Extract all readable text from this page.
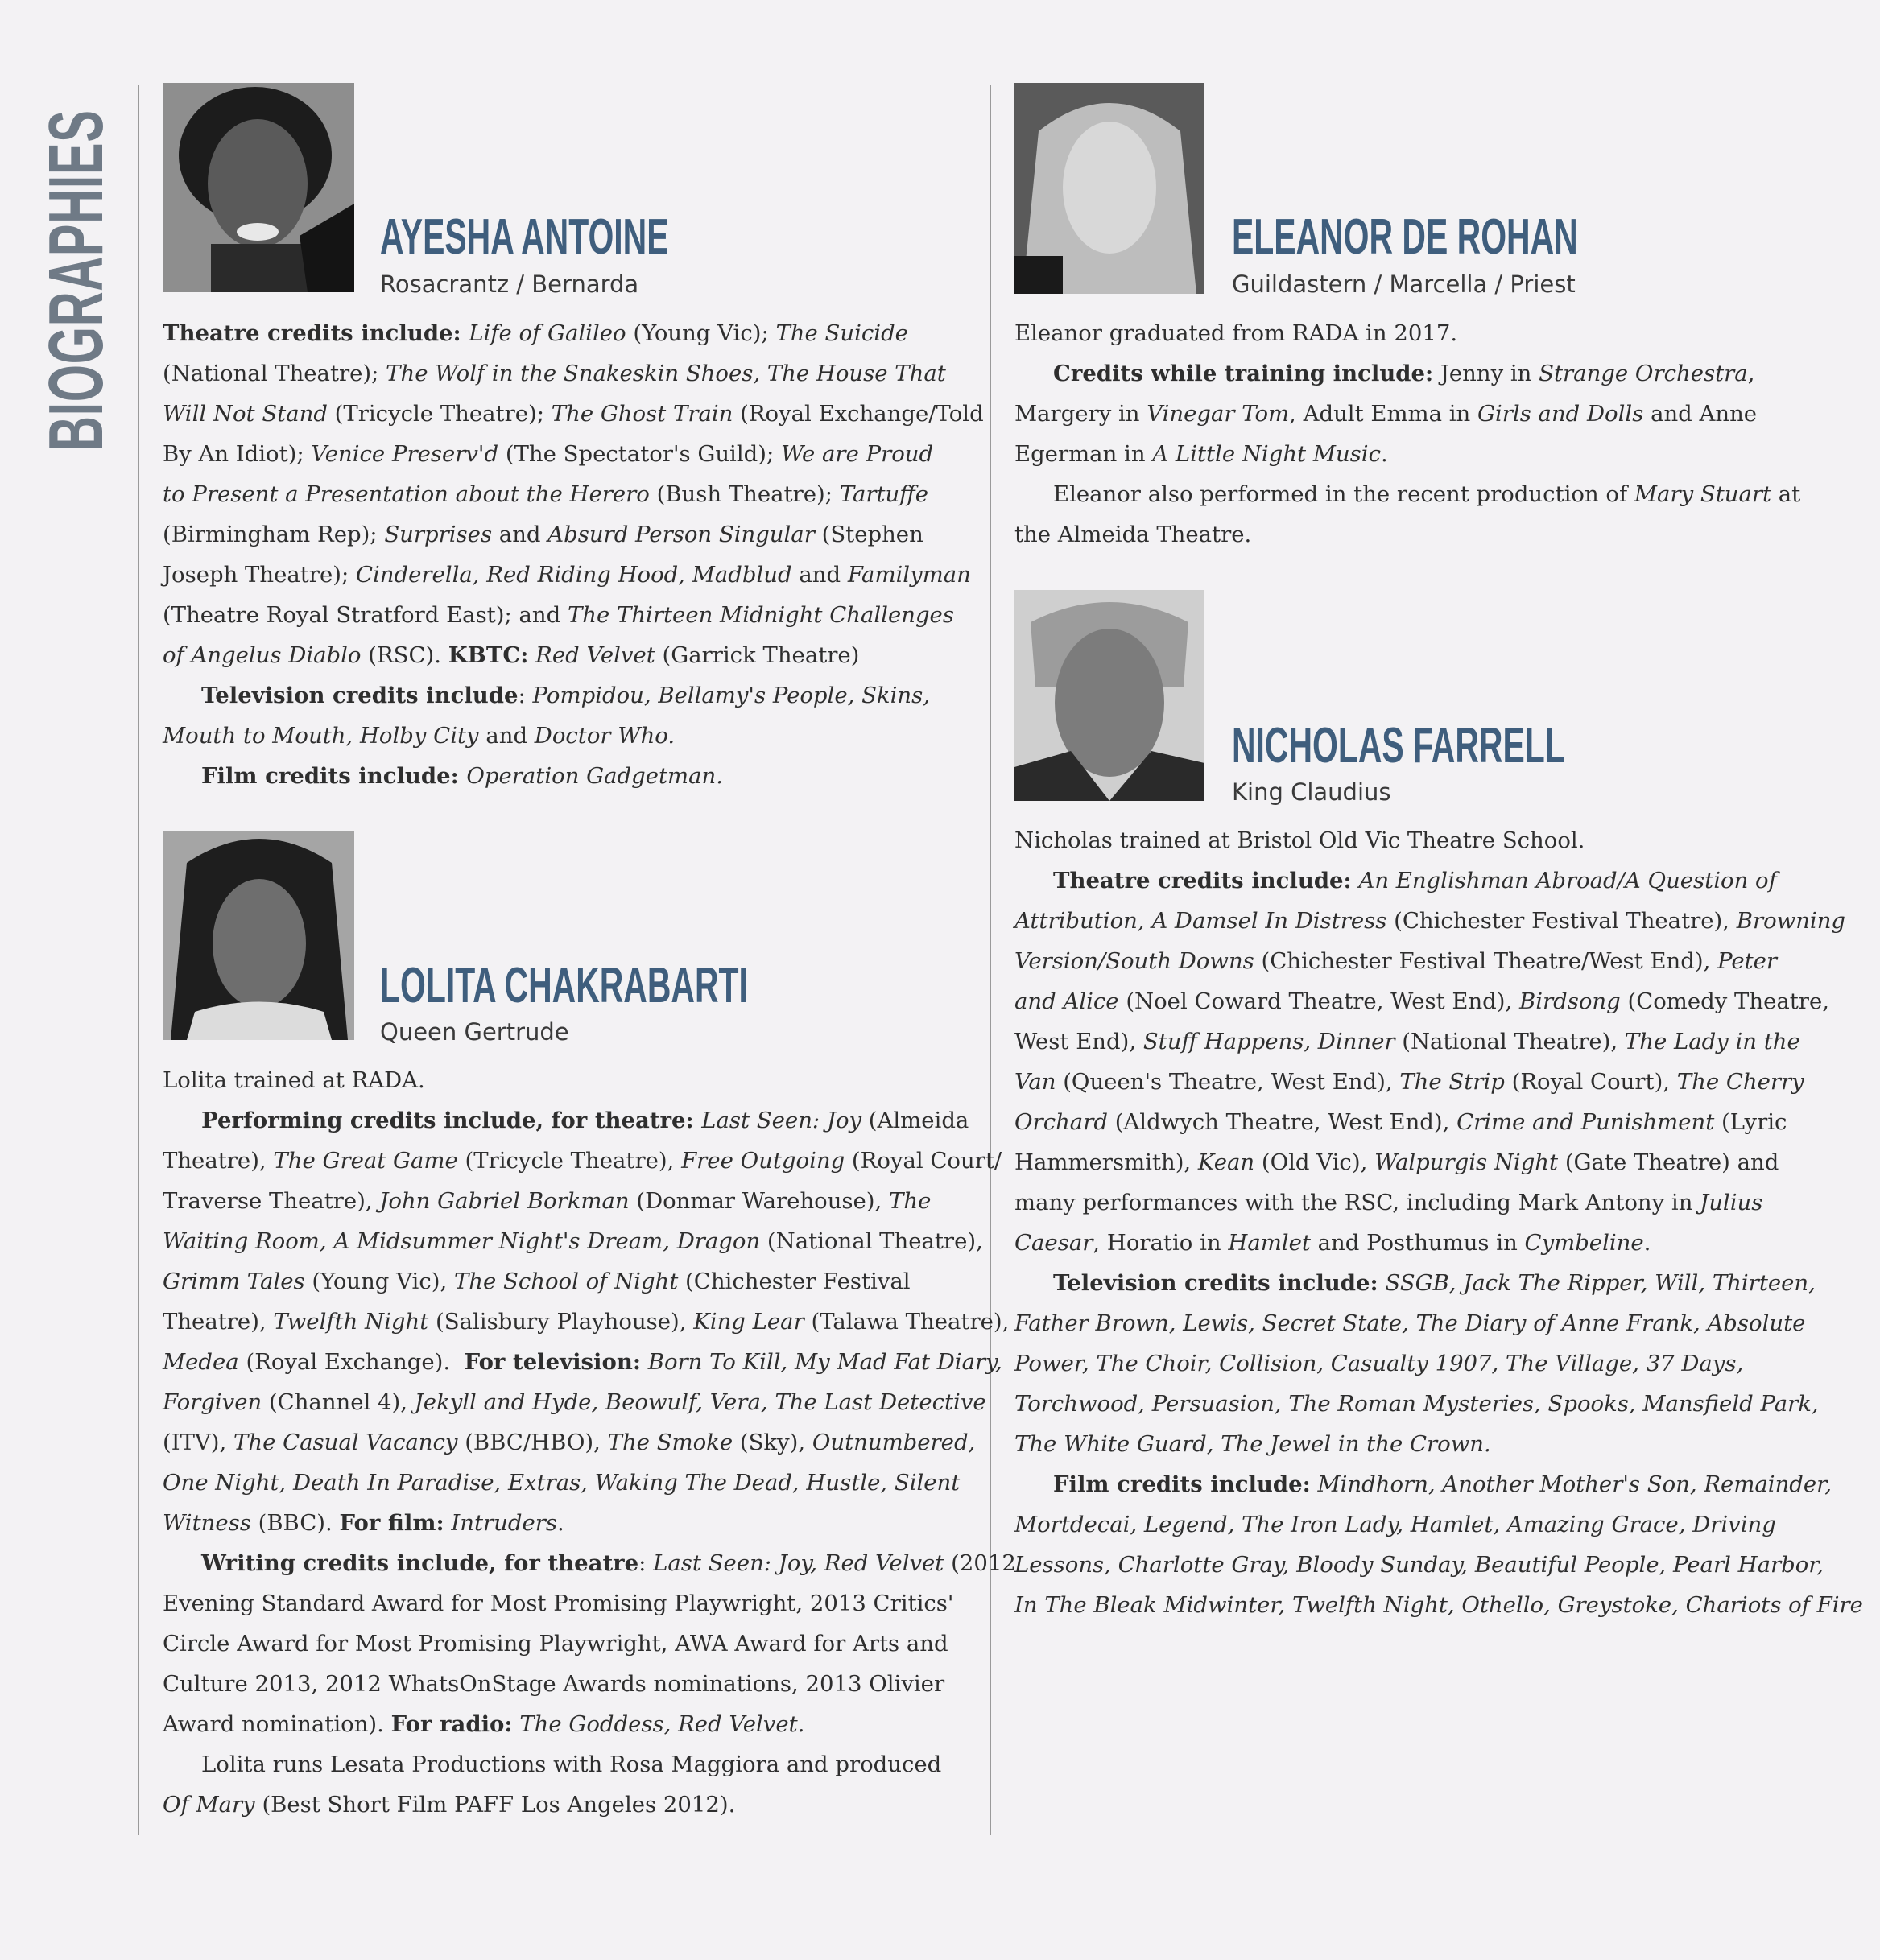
BIOGRAPHIES	AYESHA ANTOINE
Rosacrantz / Bernarda

Theatre credits include: Life of Galileo (Young Vic); The Suicide
(National Theatre); The Wolf in the Snakeskin Shoes, The House That
Will Not Stand (Tricycle Theatre); The Ghost Train (Royal Exchange/Told
By An Idiot); Venice Preserv'd (The Spectator's Guild); We are Proud
to Present a Presentation about the Herero (Bush Theatre); Tartuffe
(Birmingham Rep); Surprises and Absurd Person Singular (Stephen
Joseph Theatre); Cinderella, Red Riding Hood, Madblud and Familyman
(Theatre Royal Stratford East); and The Thirteen Midnight Challenges
of Angelus Diablo (RSC). KBTC: Red Velvet (Garrick Theatre)
Television credits include: Pompidou, Bellamy's People, Skins,
Mouth to Mouth, Holby City and Doctor Who.
Film credits include: Operation Gadgetman.

LOLITA CHAKRABARTI
Queen Gertrude
Lolita trained at RADA.
Performing credits include, for theatre: Last Seen: Joy (Almeida
Theatre), The Great Game (Tricycle Theatre), Free Outgoing (Royal Court/
Traverse Theatre), John Gabriel Borkman (Donmar Warehouse), The
Waiting Room, A Midsummer Night's Dream, Dragon (National Theatre),
Grimm Tales (Young Vic), The School of Night (Chichester Festival
Theatre), Twelfth Night (Salisbury Playhouse), King Lear (Talawa Theatre),
Medea (Royal Exchange).  For television: Born To Kill, My Mad Fat Diary,
Forgiven (Channel 4), Jekyll and Hyde, Beowulf, Vera, The Last Detective
(ITV), The Casual Vacancy (BBC/HBO), The Smoke (Sky), Outnumbered,
One Night, Death In Paradise, Extras, Waking The Dead, Hustle, Silent
Witness (BBC). For film: Intruders.
Writing credits include, for theatre: Last Seen: Joy, Red Velvet (2012
Evening Standard Award for Most Promising Playwright, 2013 Critics'
Circle Award for Most Promising Playwright, AWA Award for Arts and
Culture 2013, 2012 WhatsOnStage Awards nominations, 2013 Olivier
Award nomination). For radio: The Goddess, Red Velvet.
Lolita runs Lesata Productions with Rosa Maggiora and produced
Of Mary (Best Short Film PAFF Los Angeles 2012).
ELEANOR DE ROHAN
Guildastern / Marcella / Priest
Eleanor graduated from RADA in 2017.
Credits while training include: Jenny in Strange Orchestra,
Margery in Vinegar Tom, Adult Emma in Girls and Dolls and Anne
Egerman in A Little Night Music.
Eleanor also performed in the recent production of Mary Stuart at
the Almeida Theatre.
NICHOLAS FARRELL
King Claudius
Nicholas trained at Bristol Old Vic Theatre School.
Theatre credits include: An Englishman Abroad/A Question of
Attribution, A Damsel In Distress (Chichester Festival Theatre), Browning
Version/South Downs (Chichester Festival Theatre/West End), Peter
and Alice (Noel Coward Theatre, West End), Birdsong (Comedy Theatre,
West End), Stuff Happens, Dinner (National Theatre), The Lady in the
Van (Queen's Theatre, West End), The Strip (Royal Court), The Cherry
Orchard (Aldwych Theatre, West End), Crime and Punishment (Lyric
Hammersmith), Kean (Old Vic), Walpurgis Night (Gate Theatre) and
many performances with the RSC, including Mark Antony in Julius
Caesar, Horatio in Hamlet and Posthumus in Cymbeline.
Television credits include: SSGB, Jack The Ripper, Will, Thirteen,
Father Brown, Lewis, Secret State, The Diary of Anne Frank, Absolute
Power, The Choir, Collision, Casualty 1907, The Village, 37 Days,
Torchwood, Persuasion, The Roman Mysteries, Spooks, Mansfield Park,
The White Guard, The Jewel in the Crown.
Film credits include: Mindhorn, Another Mother's Son, Remainder,
Mortdecai, Legend, The Iron Lady, Hamlet, Amazing Grace, Driving
Lessons, Charlotte Gray, Bloody Sunday, Beautiful People, Pearl Harbor,
In The Bleak Midwinter, Twelfth Night, Othello, Greystoke, Chariots of Fire
